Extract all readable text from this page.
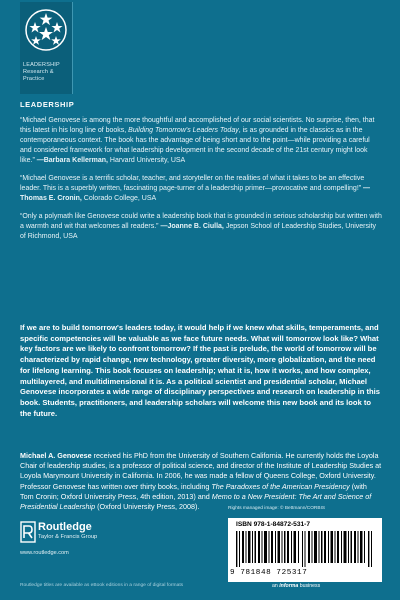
LEADERSHIP
Research & Practice
LEADERSHIP

“Michael Genovese is among the more thoughtful and accomplished of our social scientists. No surprise, then, that this latest in his long line of books, Building Tomorrow's Leaders Today, is as grounded in the classics as in the contemporaneous context. The book has the advantage of being short and to the point—while providing a careful and considered framework for what leadership development in the second decade of the 21st century might look like.” —Barbara Kellerman, Harvard University, USA

“Michael Genovese is a terrific scholar, teacher, and storyteller on the realities of what it takes to be an effective leader. This is a superbly written, fascinating page-turner of a leadership primer—provocative and compelling!” —Thomas E. Cronin, Colorado College, USA

“Only a polymath like Genovese could write a leadership book that is grounded in serious scholarship but written with a warmth and wit that welcomes all readers.” —Joanne B. Ciulla, Jepson School of Leadership Studies, University of Richmond, USA

If we are to build tomorrow's leaders today, it would help if we knew what skills, temperaments, and specific competencies will be valuable as we face future needs. What will tomorrow look like? What key factors are we likely to confront tomorrow? If the past is prelude, the world of tomorrow will be characterized by rapid change, new technology, greater diversity, more globalization, and the need for lifelong learning. This book focuses on leadership; what it is, how it works, and how complex, multilayered, and multidimensional it is. As a political scientist and presidential scholar, Michael Genovese incorporates a wide range of disciplinary perspectives and research on leadership in this book. Students, practitioners, and leadership scholars will welcome this new book and its look to the future.
Michael A. Genovese received his PhD from the University of Southern California. He currently holds the Loyola Chair of leadership studies, is a professor of political science, and director of the Institute of Leadership Studies at Loyola Marymount University in California. In 2006, he was made a fellow of Queens College, Oxford University. Professor Genovese has written over thirty books, including The Paradoxes of the American Presidency (with Tom Cronin; Oxford University Press, 4th edition, 2013) and Memo to a New President: The Art and Science of Presidential Leadership (Oxford University Press, 2008).	Rights managed image: © Bettmann/CORBIS
Routledge
Taylor & Francis Group
www.routledge.com
ISBN 978-1-84872-531-7
9 781848 725317
an informa business
Routledge titles are available as eBook editions in a range of digital formats
